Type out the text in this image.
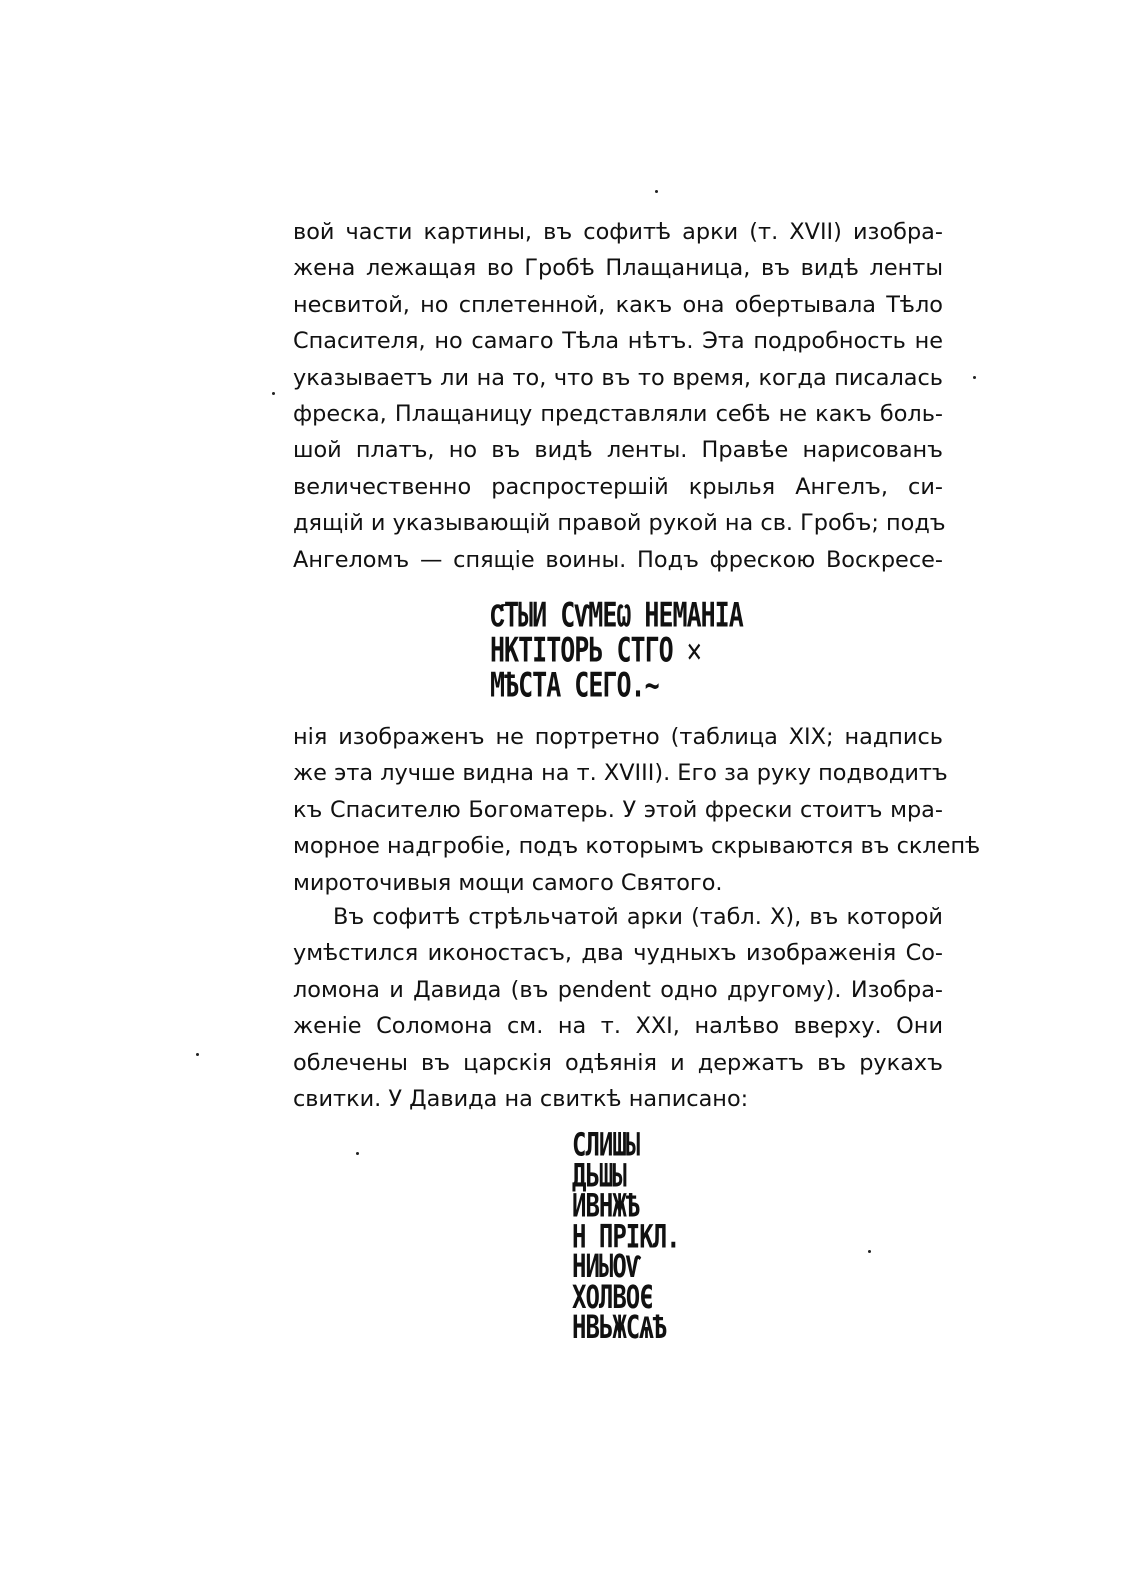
вой части картины, въ софитѣ арки (т. XVII) изобра-
жена лежащая во Гробѣ Плащаница, въ видѣ ленты
несвитой, но сплетенной, какъ она обертывала Тѣло
Спасителя, но самаго Тѣла нѣтъ. Эта подробность не
указываетъ ли на то, что въ то время, когда писалась
фреска, Плащаницу представляли себѣ не какъ боль-
шой платъ, но въ видѣ ленты. Правѣе нарисованъ
величественно распростершій крылья Ангелъ, си-
дящій и указывающій правой рукой на св. Гробъ; подъ
Ангеломъ — спящіе воины. Подъ фрескою Воскресе-
С҃ТЫИ СѴМЕѠ НЕМАНІА
НКТІТОРЬ СТГО ✕
МѢСТА СЕГО.~
нія изображенъ не портретно (таблица XIX; надпись
же эта лучше видна на т. XVIII). Его за руку подводитъ
къ Спасителю Богоматерь. У этой фрески стоитъ мра-
морное надгробіе, подъ которымъ скрываются въ склепѣ
мироточивыя мощи самого Святого.
Въ софитѣ стрѣльчатой арки (табл. X), въ которой
умѣстился иконостасъ, два чудныхъ изображенія Со-
ломона и Давида (въ pendent одно другому). Изобра-
женіе Соломона см. на т. XXI, налѣво вверху. Они
облечены въ царскія одѣянія и держатъ въ рукахъ
свитки. У Давида на свиткѣ написано:
СЛИШЫ
ДЬШЫ
ИВНЖѢ
Н ПРІКЛ.
НИЫОѴ
ХОЛВОЄ
НВЬЖСѦѢ
